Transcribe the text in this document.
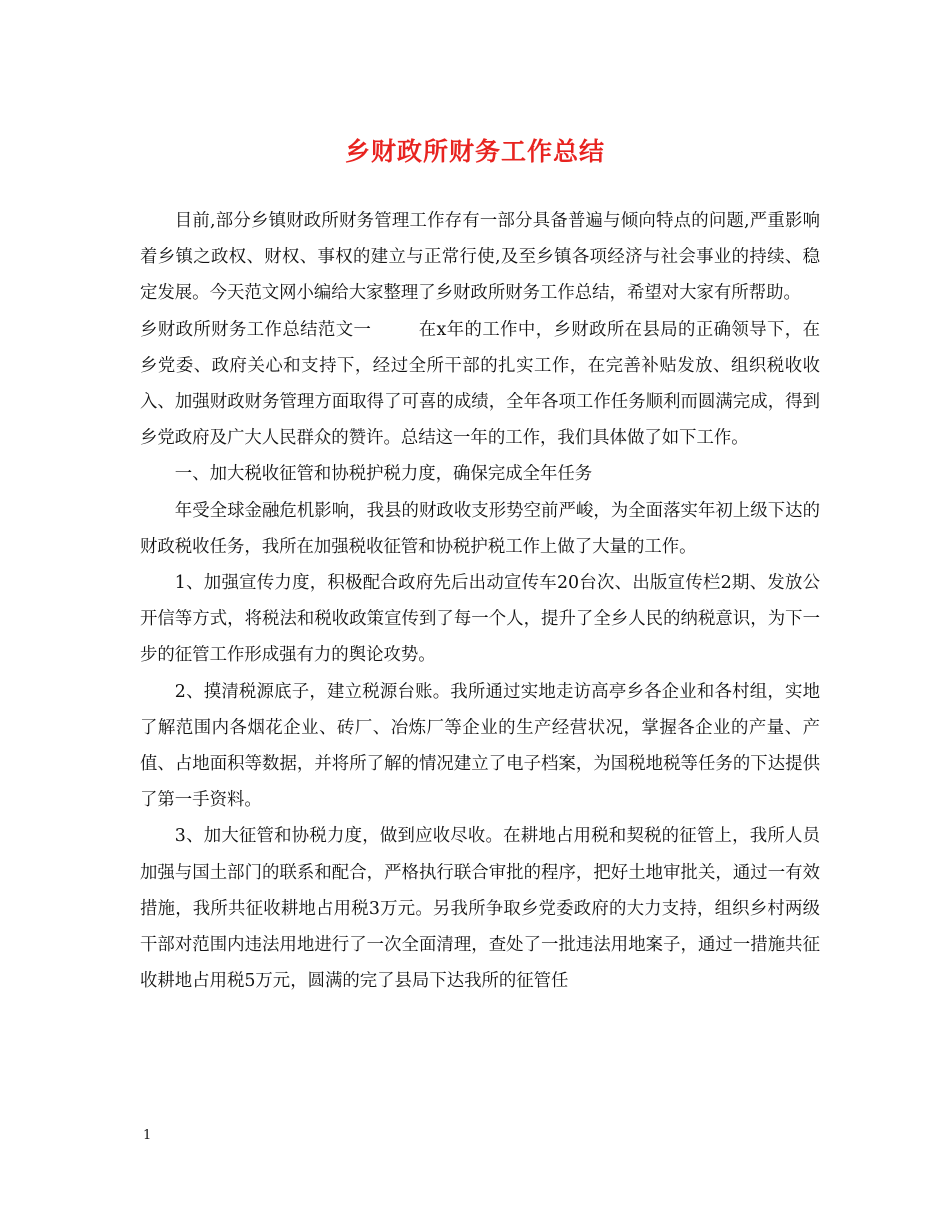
乡财政所财务工作总结

目前,部分乡镇财政所财务管理工作存有一部分具备普遍与倾向特点的问题,严重影响着乡镇之政权、财权、事权的建立与正常行使,及至乡镇各项经济与社会事业的持续、稳定发展。今天范文网小编给大家整理了乡财政所财务工作总结，希望对大家有所帮助。

乡财政所财务工作总结范文一	在x年的工作中，乡财政所在县局的正确领导下，在乡党委、政府关心和支持下，经过全所干部的扎实工作，在完善补贴发放、组织税收收入、加强财政财务管理方面取得了可喜的成绩，全年各项工作任务顺利而圆满完成，得到乡党政府及广大人民群众的赞许。总结这一年的工作，我们具体做了如下工作。

一、加大税收征管和协税护税力度，确保完成全年任务

年受全球金融危机影响，我县的财政收支形势空前严峻，为全面落实年初上级下达的财政税收任务，我所在加强税收征管和协税护税工作上做了大量的工作。

1、加强宣传力度，积极配合政府先后出动宣传车20台次、出版宣传栏2期、发放公开信等方式，将税法和税收政策宣传到了每一个人，提升了全乡人民的纳税意识，为下一步的征管工作形成强有力的舆论攻势。

2、摸清税源底子，建立税源台账。我所通过实地走访高亭乡各企业和各村组，实地了解范围内各烟花企业、砖厂、冶炼厂等企业的生产经营状况，掌握各企业的产量、产值、占地面积等数据，并将所了解的情况建立了电子档案，为国税地税等任务的下达提供了第一手资料。

3、加大征管和协税力度，做到应收尽收。在耕地占用税和契税的征管上，我所人员加强与国土部门的联系和配合，严格执行联合审批的程序，把好土地审批关，通过一有效措施，我所共征收耕地占用税3万元。另我所争取乡党委政府的大力支持，组织乡村两级干部对范围内违法用地进行了一次全面清理，查处了一批违法用地案子，通过一措施共征收耕地占用税5万元，圆满的完了县局下达我所的征管任

1
